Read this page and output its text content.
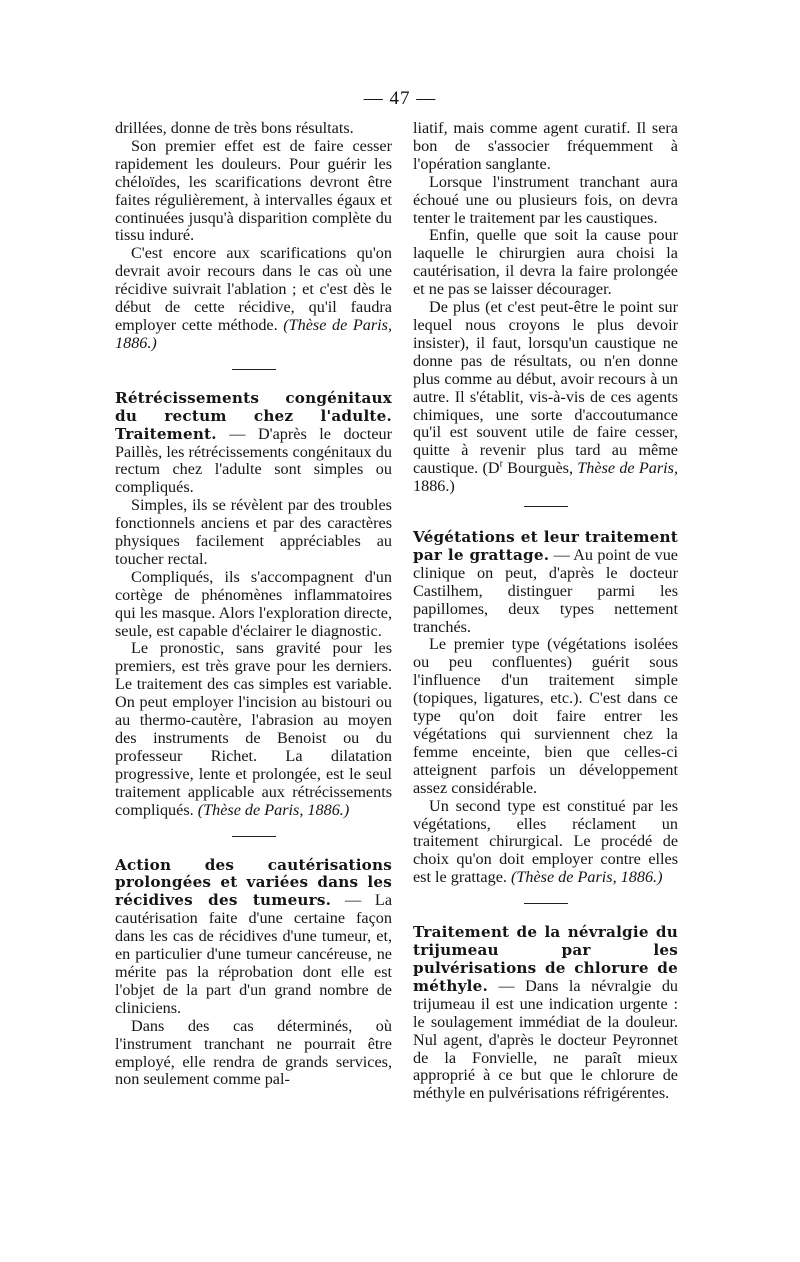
— 47 —

drillées, donne de très bons résultats.

Son premier effet est de faire cesser rapidement les douleurs. Pour guérir les chéloïdes, les scarifications devront être faites régulièrement, à intervalles égaux et continuées jusqu'à disparition complète du tissu induré.

C'est encore aux scarifications qu'on devrait avoir recours dans le cas où une récidive suivrait l'ablation ; et c'est dès le début de cette récidive, qu'il faudra employer cette méthode. (Thèse de Paris, 1886.)

Rétrécissements congénitaux du rectum chez l'adulte. Traitement. — D'après le docteur Paillès, les rétrécissements congénitaux du rectum chez l'adulte sont simples ou compliqués.

Simples, ils se révèlent par des troubles fonctionnels anciens et par des caractères physiques facilement appréciables au toucher rectal.

Compliqués, ils s'accompagnent d'un cortège de phénomènes inflammatoires qui les masque. Alors l'exploration directe, seule, est capable d'éclairer le diagnostic.

Le pronostic, sans gravité pour les premiers, est très grave pour les derniers. Le traitement des cas simples est variable. On peut employer l'incision au bistouri ou au thermo-cautère, l'abrasion au moyen des instruments de Benoist ou du professeur Richet. La dilatation progressive, lente et prolongée, est le seul traitement applicable aux rétrécissements compliqués. (Thèse de Paris, 1886.)

Action des cautérisations prolongées et variées dans les récidives des tumeurs. — La cautérisation faite d'une certaine façon dans les cas de récidives d'une tumeur, et, en particulier d'une tumeur cancéreuse, ne mérite pas la réprobation dont elle est l'objet de la part d'un grand nombre de cliniciens.

Dans des cas déterminés, où l'instrument tranchant ne pourrait être employé, elle rendra de grands services, non seulement comme pal-

liatif, mais comme agent curatif. Il sera bon de s'associer fréquemment à l'opération sanglante.

Lorsque l'instrument tranchant aura échoué une ou plusieurs fois, on devra tenter le traitement par les caustiques.

Enfin, quelle que soit la cause pour laquelle le chirurgien aura choisi la cautérisation, il devra la faire prolongée et ne pas se laisser décourager.

De plus (et c'est peut-être le point sur lequel nous croyons le plus devoir insister), il faut, lorsqu'un caustique ne donne pas de résultats, ou n'en donne plus comme au début, avoir recours à un autre. Il s'établit, vis-à-vis de ces agents chimiques, une sorte d'accoutumance qu'il est souvent utile de faire cesser, quitte à revenir plus tard au même caustique. ($D^r$ Bourguès, Thèse de Paris, 1886.)

Végétations et leur traitement par le grattage. — Au point de vue clinique on peut, d'après le docteur Castilhem, distinguer parmi les papillomes, deux types nettement tranchés.

Le premier type (végétations isolées ou peu confluentes) guérit sous l'influence d'un traitement simple (topiques, ligatures, etc.). C'est dans ce type qu'on doit faire entrer les végétations qui surviennent chez la femme enceinte, bien que celles-ci atteignent parfois un développement assez considérable.

Un second type est constitué par les végétations, elles réclament un traitement chirurgical. Le procédé de choix qu'on doit employer contre elles est le grattage. (Thèse de Paris, 1886.)

Traitement de la névralgie du trijumeau par les pulvérisations de chlorure de méthyle. — Dans la névralgie du trijumeau il est une indication urgente : le soulagement immédiat de la douleur. Nul agent, d'après le docteur Peyronnet de la Fonvielle, ne paraît mieux approprié à ce but que le chlorure de méthyle en pulvérisations réfrigérentes.
